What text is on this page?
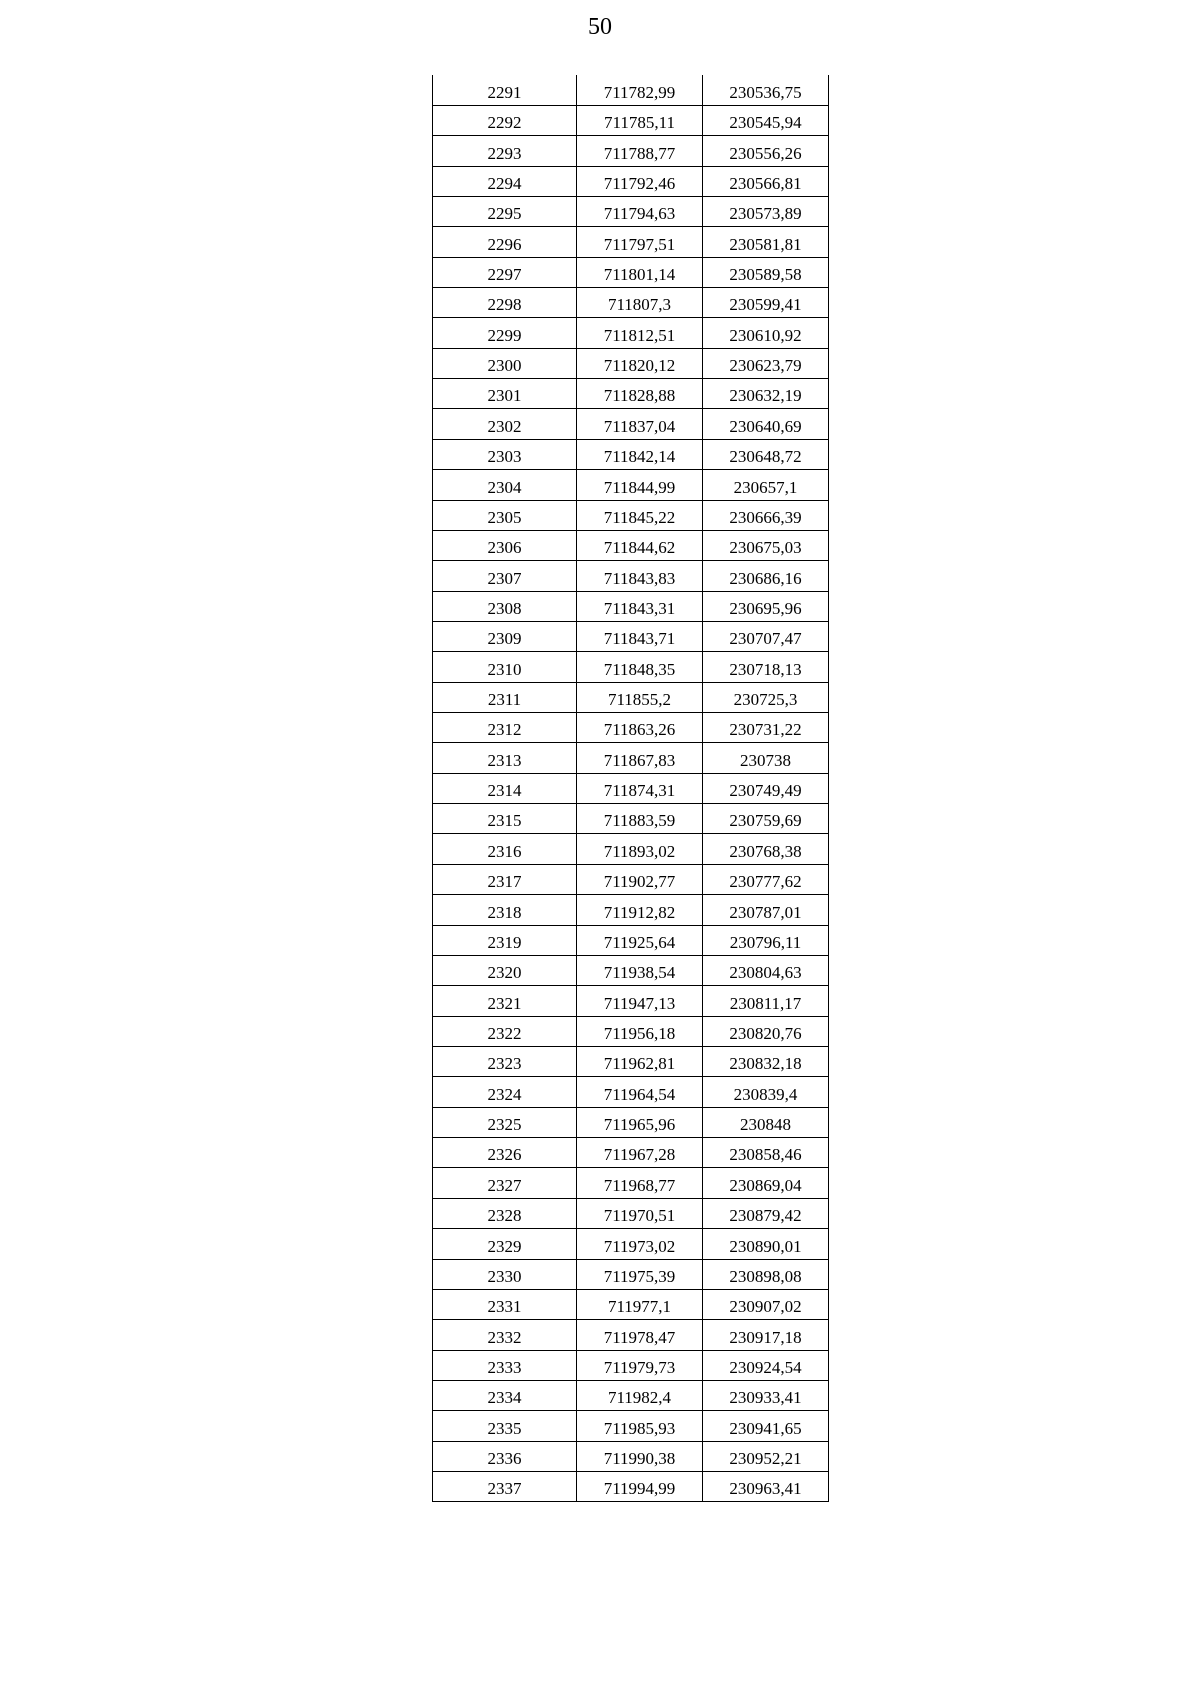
50
2291	711782,99	230536,75
2292	711785,11	230545,94
2293	711788,77	230556,26
2294	711792,46	230566,81
2295	711794,63	230573,89
2296	711797,51	230581,81
2297	711801,14	230589,58
2298	711807,3	230599,41
2299	711812,51	230610,92
2300	711820,12	230623,79
2301	711828,88	230632,19
2302	711837,04	230640,69
2303	711842,14	230648,72
2304	711844,99	230657,1
2305	711845,22	230666,39
2306	711844,62	230675,03
2307	711843,83	230686,16
2308	711843,31	230695,96
2309	711843,71	230707,47
2310	711848,35	230718,13
2311	711855,2	230725,3
2312	711863,26	230731,22
2313	711867,83	230738
2314	711874,31	230749,49
2315	711883,59	230759,69
2316	711893,02	230768,38
2317	711902,77	230777,62
2318	711912,82	230787,01
2319	711925,64	230796,11
2320	711938,54	230804,63
2321	711947,13	230811,17
2322	711956,18	230820,76
2323	711962,81	230832,18
2324	711964,54	230839,4
2325	711965,96	230848
2326	711967,28	230858,46
2327	711968,77	230869,04
2328	711970,51	230879,42
2329	711973,02	230890,01
2330	711975,39	230898,08
2331	711977,1	230907,02
2332	711978,47	230917,18
2333	711979,73	230924,54
2334	711982,4	230933,41
2335	711985,93	230941,65
2336	711990,38	230952,21
2337	711994,99	230963,41
